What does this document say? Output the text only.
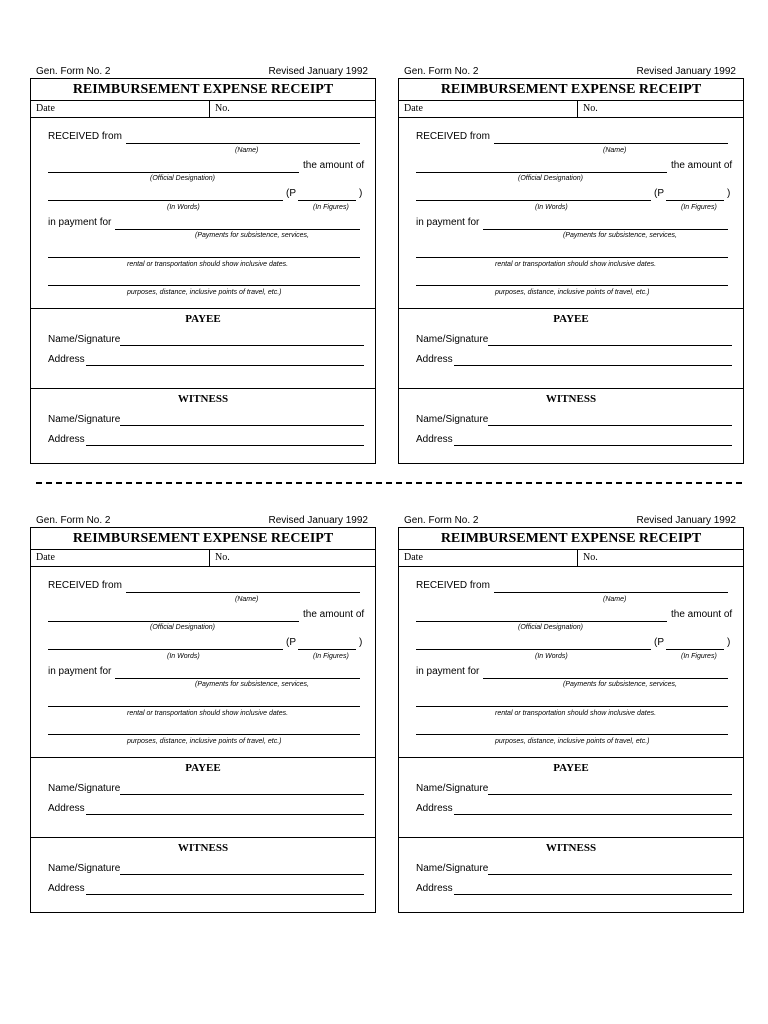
Gen. Form No. 2	Revised January 1992
REIMBURSEMENT EXPENSE RECEIPT
Date	No.
RECEIVED from
(Name)
the amount of
(Official Designation)
(P	)
(In Words)	(In Figures)
in payment for
(Payments for subsistence, services,
rental or transportation should show inclusive dates.
purposes, distance, inclusive points of travel, etc.)
PAYEE
Name/Signature
Address
WITNESS
Name/Signature
Address
Gen. Form No. 2	Revised January 1992
REIMBURSEMENT EXPENSE RECEIPT
Date	No.
RECEIVED from
(Name)
the amount of
(Official Designation)
(P	)
(In Words)	(In Figures)
in payment for
(Payments for subsistence, services,
rental or transportation should show inclusive dates.
purposes, distance, inclusive points of travel, etc.)
PAYEE
Name/Signature
Address
WITNESS
Name/Signature
Address
Gen. Form No. 2	Revised January 1992
REIMBURSEMENT EXPENSE RECEIPT
Date	No.
RECEIVED from
(Name)
the amount of
(Official Designation)
(P	)
(In Words)	(In Figures)
in payment for
(Payments for subsistence, services,
rental or transportation should show inclusive dates.
purposes, distance, inclusive points of travel, etc.)
PAYEE
Name/Signature
Address
WITNESS
Name/Signature
Address
Gen. Form No. 2	Revised January 1992
REIMBURSEMENT EXPENSE RECEIPT
Date	No.
RECEIVED from
(Name)
the amount of
(Official Designation)
(P	)
(In Words)	(In Figures)
in payment for
(Payments for subsistence, services,
rental or transportation should show inclusive dates.
purposes, distance, inclusive points of travel, etc.)
PAYEE
Name/Signature
Address
WITNESS
Name/Signature
Address
